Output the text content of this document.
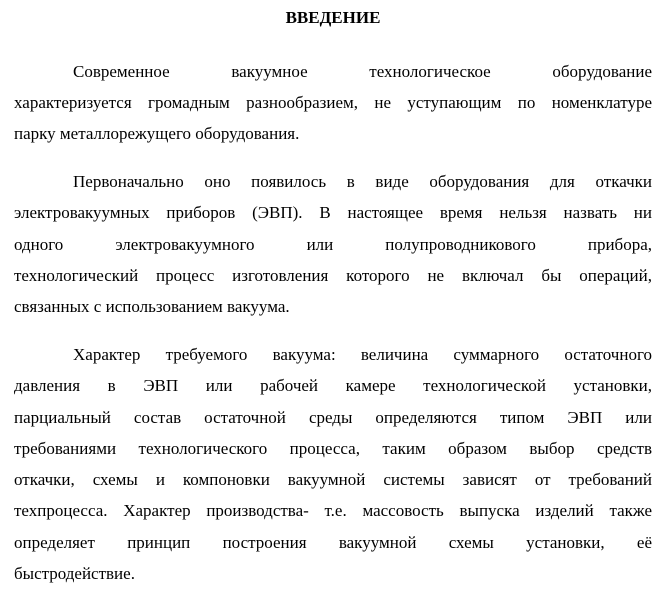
ВВЕДЕНИЕ
Современное вакуумное технологическое оборудование
характеризуется громадным разнообразием, не уступающим по номенклатуре
парку металлорежущего оборудования.
Первоначально оно появилось в виде оборудования для откачки
электровакуумных приборов (ЭВП). В настоящее время нельзя назвать ни
одного электровакуумного или полупроводникового прибора,
технологический процесс изготовления которого не включал бы операций,
связанных с использованием вакуума.
Характер требуемого вакуума: величина суммарного остаточного
давления в ЭВП или рабочей камере технологической установки,
парциальный состав остаточной среды определяются типом ЭВП или
требованиями технологического процесса, таким образом выбор средств
откачки, схемы и компоновки вакуумной системы зависят от требований
техпроцесса. Характер производства- т.е. массовость выпуска изделий также
определяет принцип построения вакуумной схемы установки, её
быстродействие.
